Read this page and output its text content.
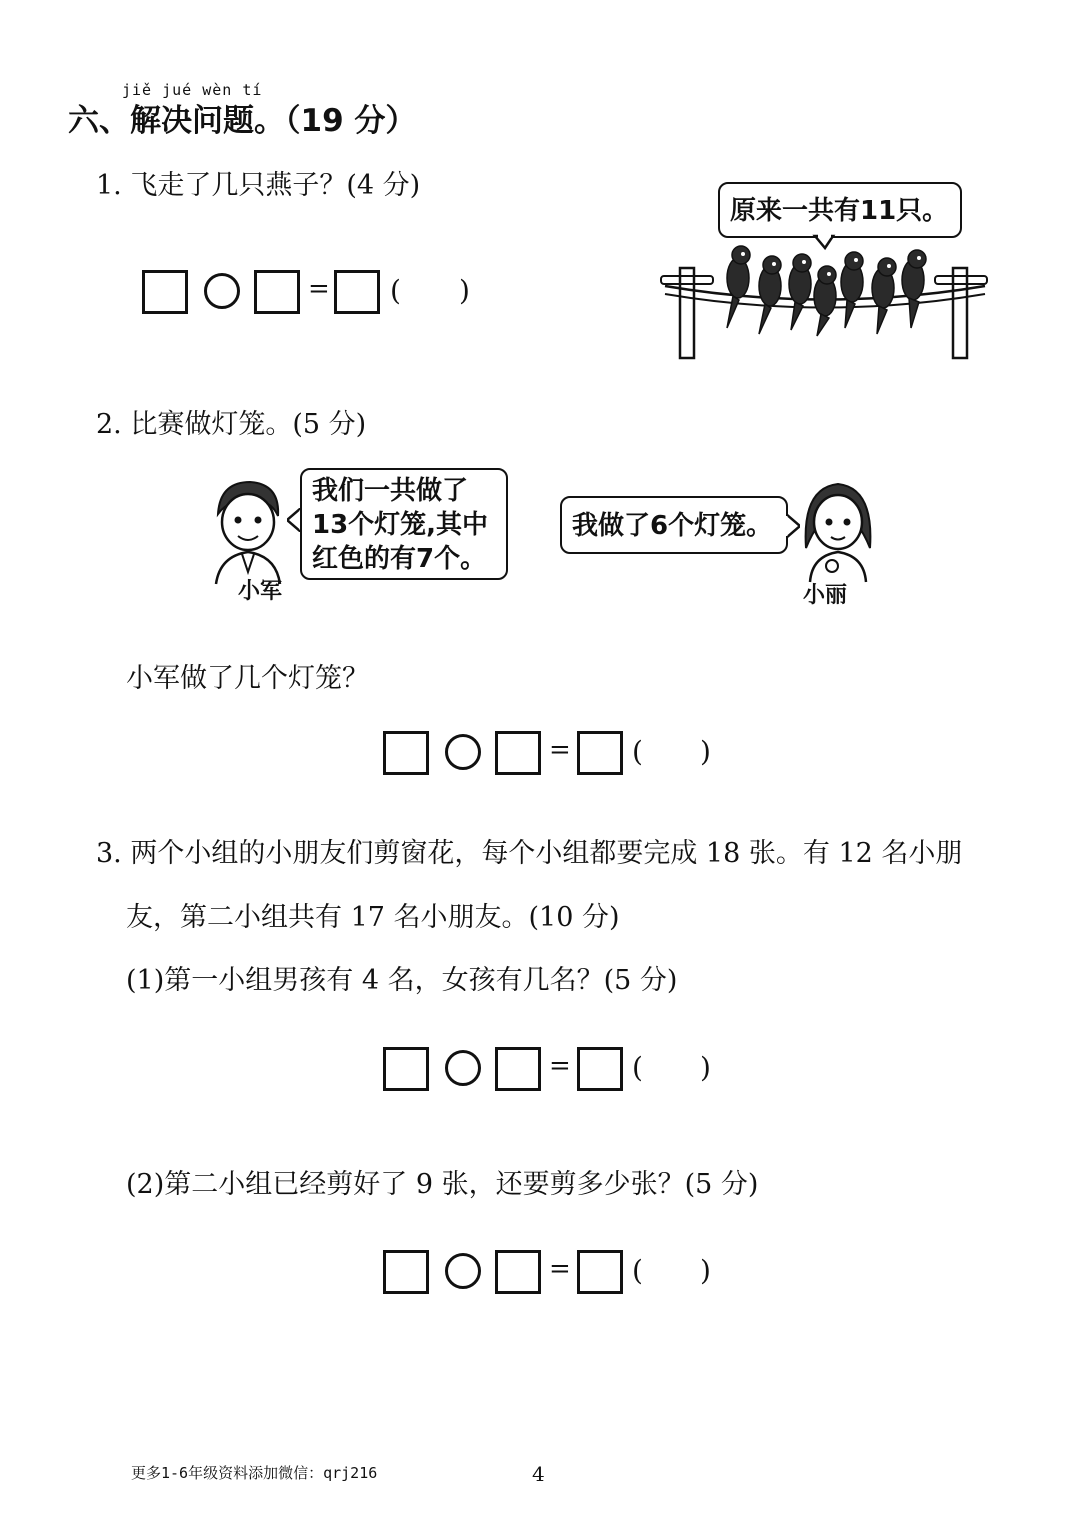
jiě jué wèn tí
六、解决问题。（19 分）
1. 飞走了几只燕子？(4 分)
= ( )
原来一共有11只。
2. 比赛做灯笼。(5 分)
小军
我们一共做了
13个灯笼,其中
红色的有7个。
我做了6个灯笼。
小丽
小军做了几个灯笼？
= ( )
3. 两个小组的小朋友们剪窗花，每个小组都要完成 18 张。有 12 名小朋
友，第二小组共有 17 名小朋友。(10 分)
(1)第一小组男孩有 4 名，女孩有几名？(5 分)
= ( )
(2)第二小组已经剪好了 9 张，还要剪多少张？(5 分)
= ( )
更多1-6年级资料添加微信：qrj216	4
